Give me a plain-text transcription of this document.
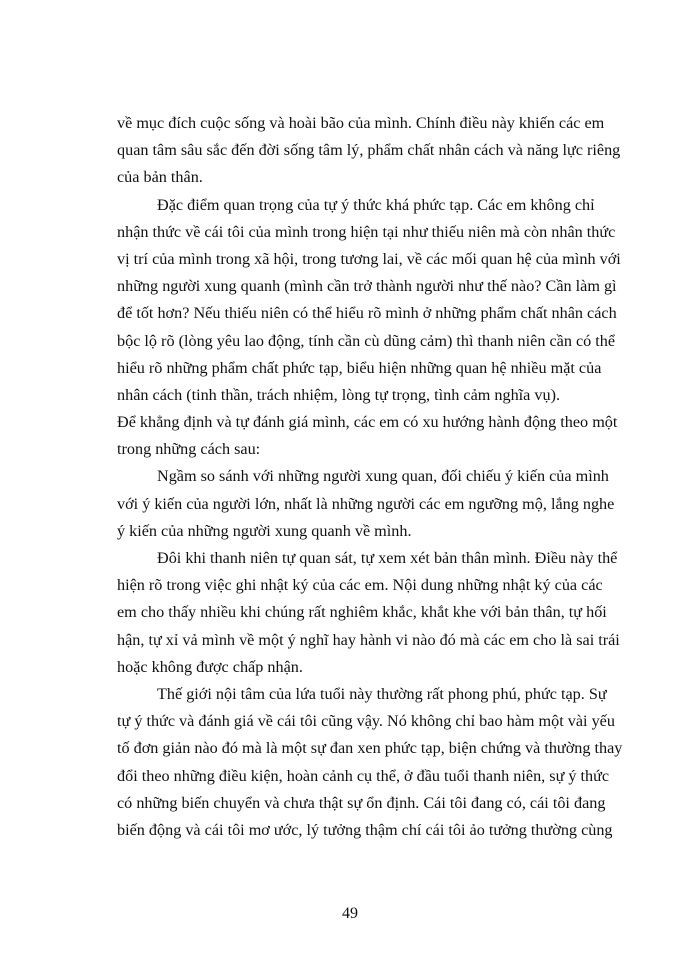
về mục đích cuộc sống và hoài bão của mình. Chính điều này khiến các em
quan tâm sâu sắc đến đời sống tâm lý, phẩm chất nhân cách và năng lực riêng
của bản thân.
Đặc điểm quan trọng của tự ý thức khá phức tạp. Các em không chỉ
nhận thức về cái tôi của mình trong hiện tại như thiếu niên mà còn nhân thức
vị trí của mình trong xã hội, trong tương lai, về các mối quan hệ của mình với
những người xung quanh (mình cần trở thành người như thế nào? Cần làm gì
để tốt hơn? Nếu thiếu niên có thể hiểu rõ mình ở những phẩm chất nhân cách
bộc lộ rõ (lòng yêu lao động, tính cần cù dũng cảm) thì thanh niên cần có thể
hiểu rõ những phẩm chất phức tạp, biểu hiện những quan hệ nhiều mặt của
nhân cách (tinh thần, trách nhiệm, lòng tự trọng, tình cảm nghĩa vụ).
Để khẳng định và tự đánh giá mình, các em có xu hướng hành động theo một
trong những cách sau:
Ngầm so sánh với những người xung quan, đối chiếu ý kiến của mình
với ý kiến của người lớn, nhất là những người các em ngưỡng mộ, lắng nghe
ý kiến của những người xung quanh về mình.
Đôi khi thanh niên tự quan sát, tự xem xét bản thân mình. Điều này thể
hiện rõ trong việc ghi nhật ký của các em. Nội dung những nhật ký của các
em cho thấy nhiều khi chúng rất nghiêm khắc, khắt khe với bản thân, tự hối
hận, tự xỉ vả mình về một ý nghĩ hay hành vi nào đó mà các em cho là sai trái
hoặc không được chấp nhận.
Thế giới nội tâm của lứa tuổi này thường rất phong phú, phức tạp. Sự
tự ý thức và đánh giá về cái tôi cũng vậy. Nó không chỉ bao hàm một vài yếu
tố đơn giản nào đó mà là một sự đan xen phức tạp, biện chứng và thường thay
đổi theo những điều kiện, hoàn cảnh cụ thể, ở đầu tuổi thanh niên, sự ý thức
có những biến chuyển và chưa thật sự ổn định. Cái tôi đang có, cái tôi đang
biến động và cái tôi mơ ước, lý tưởng thậm chí cái tôi ảo tưởng thường cùng
49
